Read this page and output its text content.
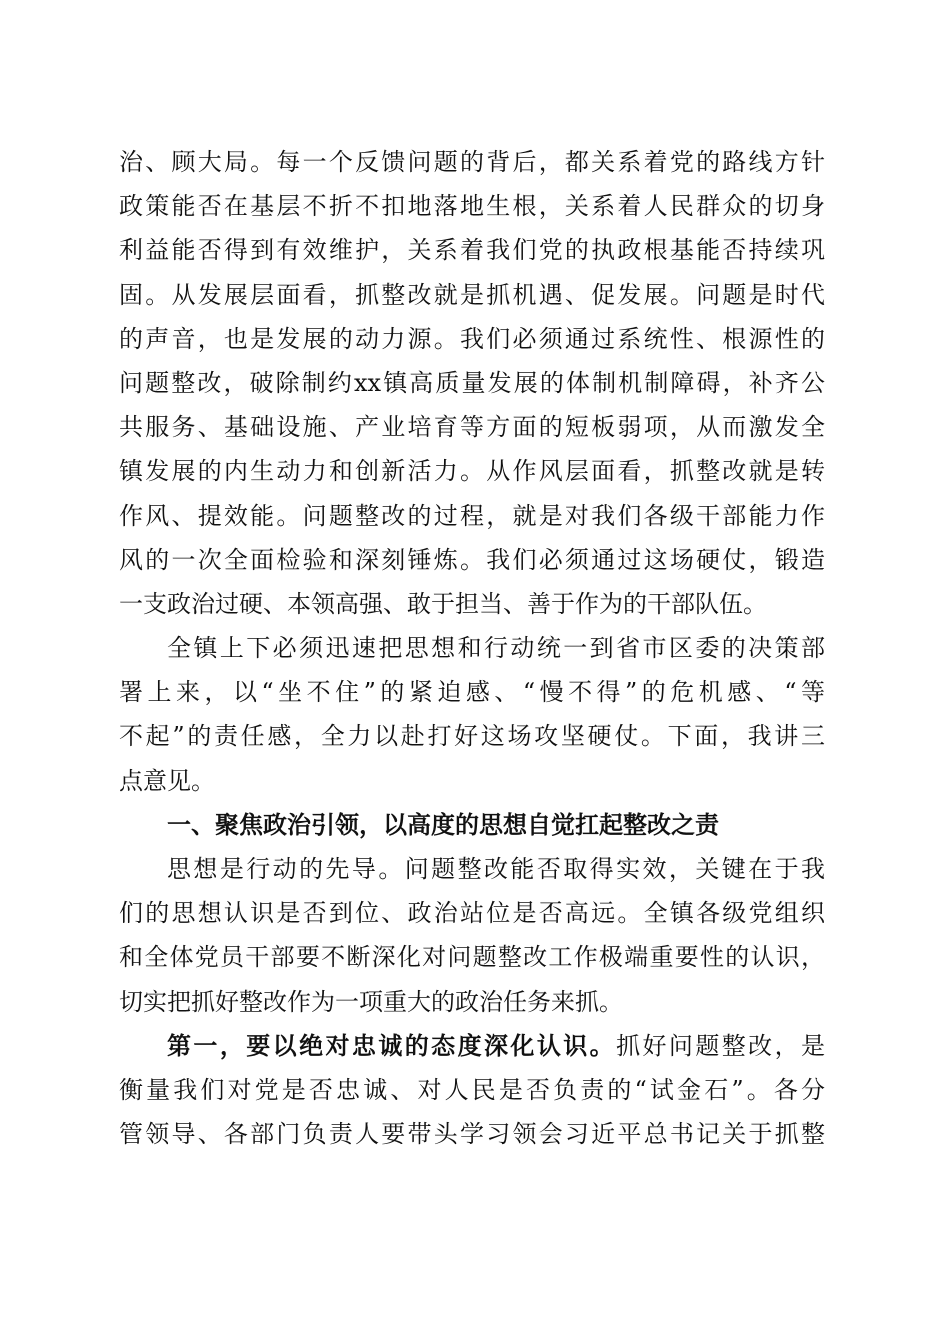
治、顾大局。每一个反馈问题的背后，都关系着党的路线方针
政策能否在基层不折不扣地落地生根，关系着人民群众的切身
利益能否得到有效维护，关系着我们党的执政根基能否持续巩
固。从发展层面看，抓整改就是抓机遇、促发展。问题是时代
的声音，也是发展的动力源。我们必须通过系统性、根源性的
问题整改，破除制约xx镇高质量发展的体制机制障碍，补齐公
共服务、基础设施、产业培育等方面的短板弱项，从而激发全
镇发展的内生动力和创新活力。从作风层面看，抓整改就是转
作风、提效能。问题整改的过程，就是对我们各级干部能力作
风的一次全面检验和深刻锤炼。我们必须通过这场硬仗，锻造
一支政治过硬、本领高强、敢于担当、善于作为的干部队伍。
全镇上下必须迅速把思想和行动统一到省市区委的决策部
署上来，以“坐不住”的紧迫感、“慢不得”的危机感、“等
不起”的责任感，全力以赴打好这场攻坚硬仗。下面，我讲三
点意见。
一、聚焦政治引领，以高度的思想自觉扛起整改之责
思想是行动的先导。问题整改能否取得实效，关键在于我
们的思想认识是否到位、政治站位是否高远。全镇各级党组织
和全体党员干部要不断深化对问题整改工作极端重要性的认识，
切实把抓好整改作为一项重大的政治任务来抓。
第一，要以绝对忠诚的态度深化认识。抓好问题整改，是
衡量我们对党是否忠诚、对人民是否负责的“试金石”。各分
管领导、各部门负责人要带头学习领会习近平总书记关于抓整
